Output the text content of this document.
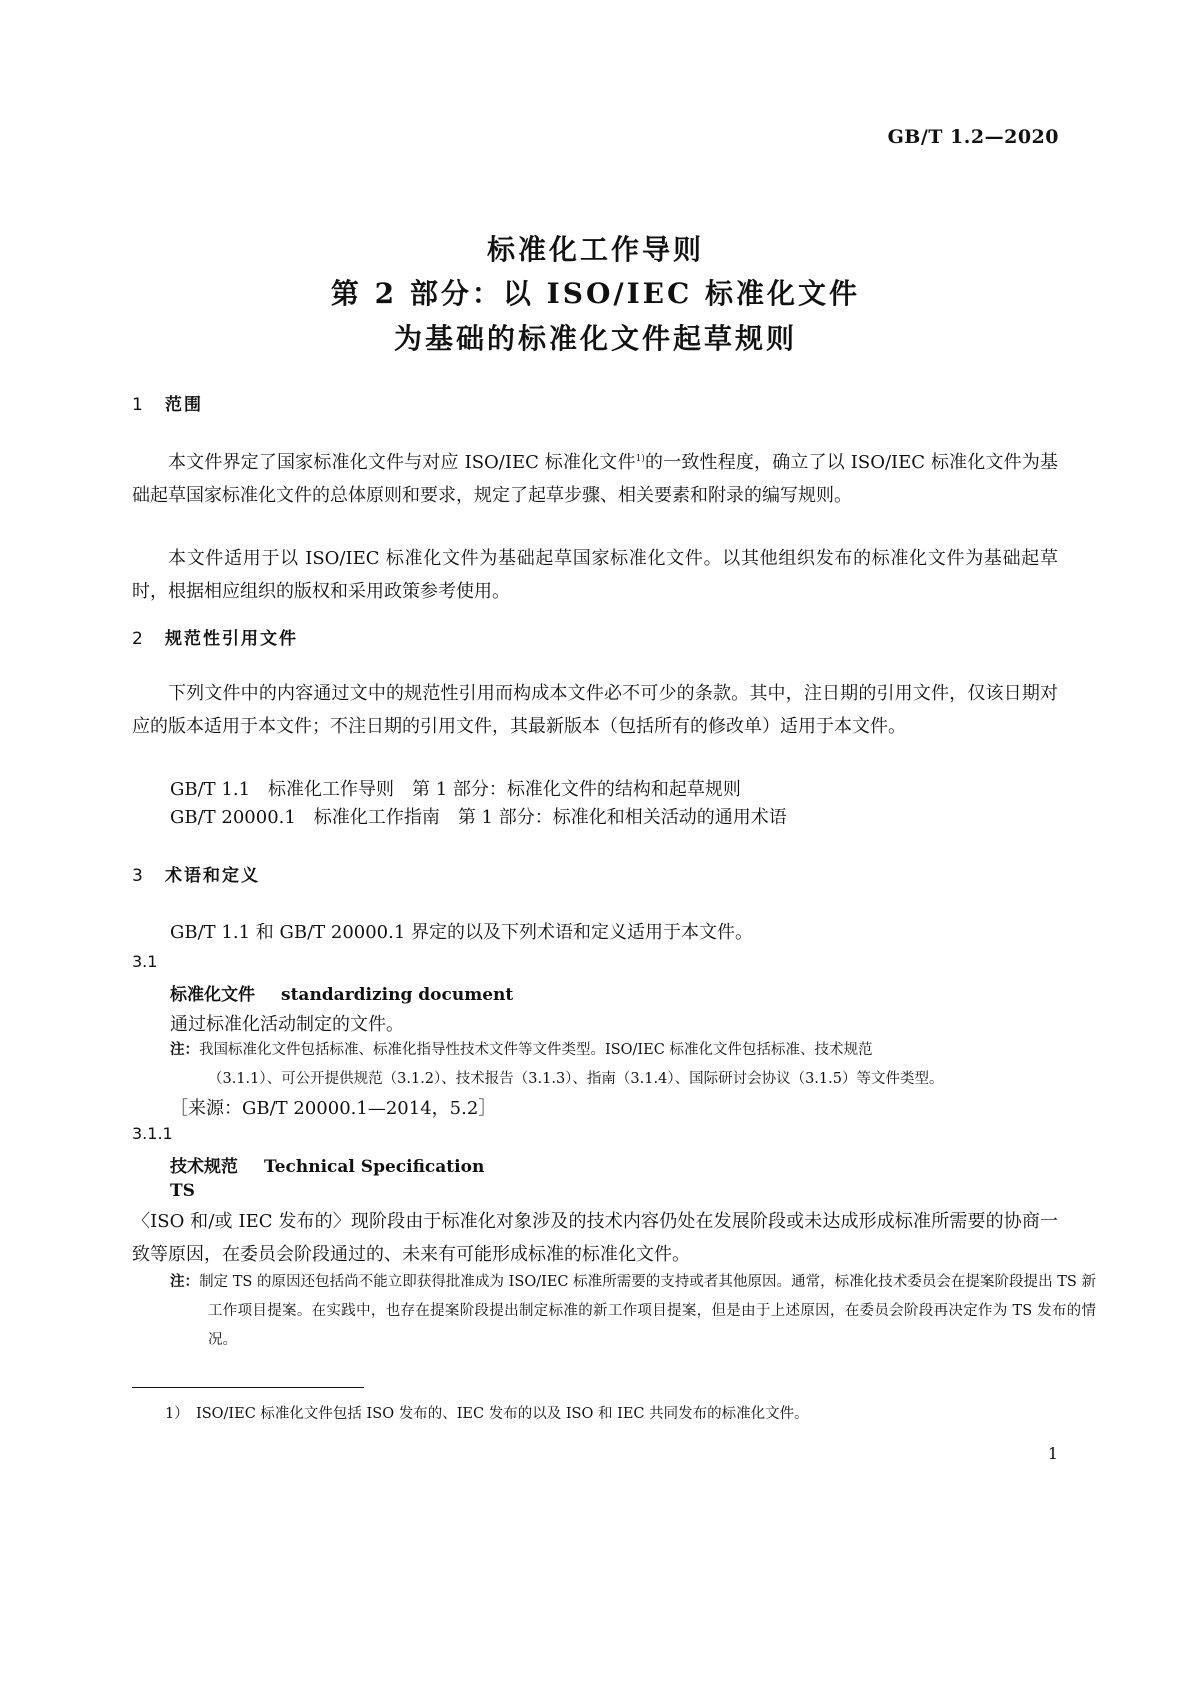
GB/T 1.2—2020
标准化工作导则
第 2 部分：以 ISO/IEC 标准化文件
为基础的标准化文件起草规则
1 范围
本文件界定了国家标准化文件与对应 ISO/IEC 标准化文件$^{1)}$的一致性程度，确立了以 ISO/IEC 标准化文件为基础起草国家标准化文件的总体原则和要求，规定了起草步骤、相关要素和附录的编写规则。
本文件适用于以 ISO/IEC 标准化文件为基础起草国家标准化文件。以其他组织发布的标准化文件为基础起草时，根据相应组织的版权和采用政策参考使用。
2 规范性引用文件
下列文件中的内容通过文中的规范性引用而构成本文件必不可少的条款。其中，注日期的引用文件，仅该日期对应的版本适用于本文件；不注日期的引用文件，其最新版本（包括所有的修改单）适用于本文件。
GB/T 1.1　标准化工作导则　第 1 部分：标准化文件的结构和起草规则
GB/T 20000.1　标准化工作指南　第 1 部分：标准化和相关活动的通用术语
3 术语和定义
GB/T 1.1 和 GB/T 20000.1 界定的以及下列术语和定义适用于本文件。
3.1
标准化文件 standardizing document
通过标准化活动制定的文件。
注：我国标准化文件包括标准、标准化指导性技术文件等文件类型。ISO/IEC 标准化文件包括标准、技术规范
（3.1.1）、可公开提供规范（3.1.2）、技术报告（3.1.3）、指南（3.1.4）、国际研讨会协议（3.1.5）等文件类型。
［来源：GB/T 20000.1—2014，5.2］
3.1.1
技术规范 Technical Specification
TS
〈ISO 和/或 IEC 发布的〉现阶段由于标准化对象涉及的技术内容仍处在发展阶段或未达成形成标准所需要的协商一致等原因，在委员会阶段通过的、未来有可能形成标准的标准化文件。
注：制定 TS 的原因还包括尚不能立即获得批准成为 ISO/IEC 标准所需要的支持或者其他原因。通常，标准化技术委员会在提案阶段提出 TS 新工作项目提案。在实践中，也存在提案阶段提出制定标准的新工作项目提案，但是由于上述原因，在委员会阶段再决定作为 TS 发布的情况。
1）　 ISO/IEC 标准化文件包括 ISO 发布的、IEC 发布的以及 ISO 和 IEC 共同发布的标准化文件。
1
